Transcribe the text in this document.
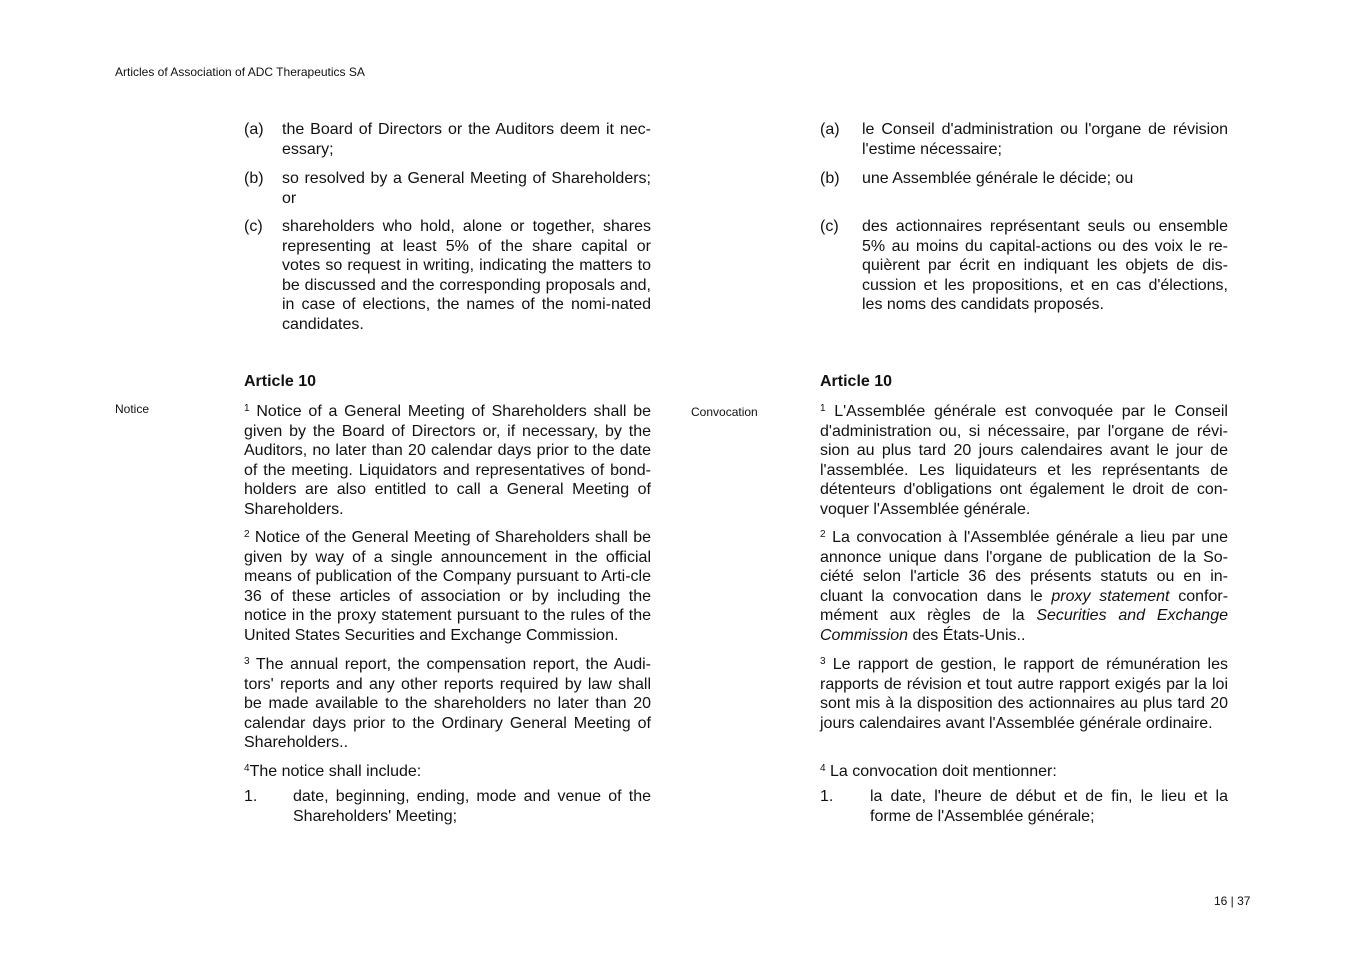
Articles of Association of ADC Therapeutics SA
(a)	the Board of Directors or the Auditors deem it nec-essary;
(b)	so resolved by a General Meeting of Shareholders; or
(c)	shareholders who hold, alone or together, shares representing at least 5% of the share capital or votes so request in writing, indicating the matters to be discussed and the corresponding proposals and, in case of elections, the names of the nomi-nated candidates.
Article 10
Notice	$^1$ Notice of a General Meeting of Shareholders shall be given by the Board of Directors or, if necessary, by the Auditors, no later than 20 calendar days prior to the date of the meeting. Liquidators and representatives of bond-holders are also entitled to call a General Meeting of Shareholders.
$^2$ Notice of the General Meeting of Shareholders shall be given by way of a single announcement in the official means of publication of the Company pursuant to Arti-cle 36 of these articles of association or by including the notice in the proxy statement pursuant to the rules of the United States Securities and Exchange Commission.
$^3$ The annual report, the compensation report, the Audi-tors' reports and any other reports required by law shall be made available to the shareholders no later than 20 calendar days prior to the Ordinary General Meeting of Shareholders..
$^4$The notice shall include:
1.	date, beginning, ending, mode and venue of the Shareholders' Meeting;
(a) le Conseil d'administration ou l'organe de révision l'estime nécessaire;
(b) une Assemblée générale le décide; ou
(c) des actionnaires représentant seuls ou ensemble 5% au moins du capital-actions ou des voix le re-quièrent par écrit en indiquant les objets de dis-cussion et les propositions, et en cas d'élections, les noms des candidats proposés.
Article 10
Convocation	$^1$ L'Assemblée générale est convoquée par le Conseil d'administration ou, si nécessaire, par l'organe de révi-sion au plus tard 20 jours calendaires avant le jour de l'assemblée. Les liquidateurs et les représentants de détenteurs d'obligations ont également le droit de con-voquer l'Assemblée générale.
$^2$ La convocation à l'Assemblée générale a lieu par une annonce unique dans l'organe de publication de la So-ciété selon l'article 36 des présents statuts ou en in-cluant la convocation dans le proxy statement confor-mément aux règles de la Securities and Exchange Commission des États-Unis..
$^3$ Le rapport de gestion, le rapport de rémunération les rapports de révision et tout autre rapport exigés par la loi sont mis à la disposition des actionnaires au plus tard 20 jours calendaires avant l'Assemblée générale ordinaire.
$^4$ La convocation doit mentionner:
1. la date, l'heure de début et de fin, le lieu et la forme de l'Assemblée générale;
16 | 37
